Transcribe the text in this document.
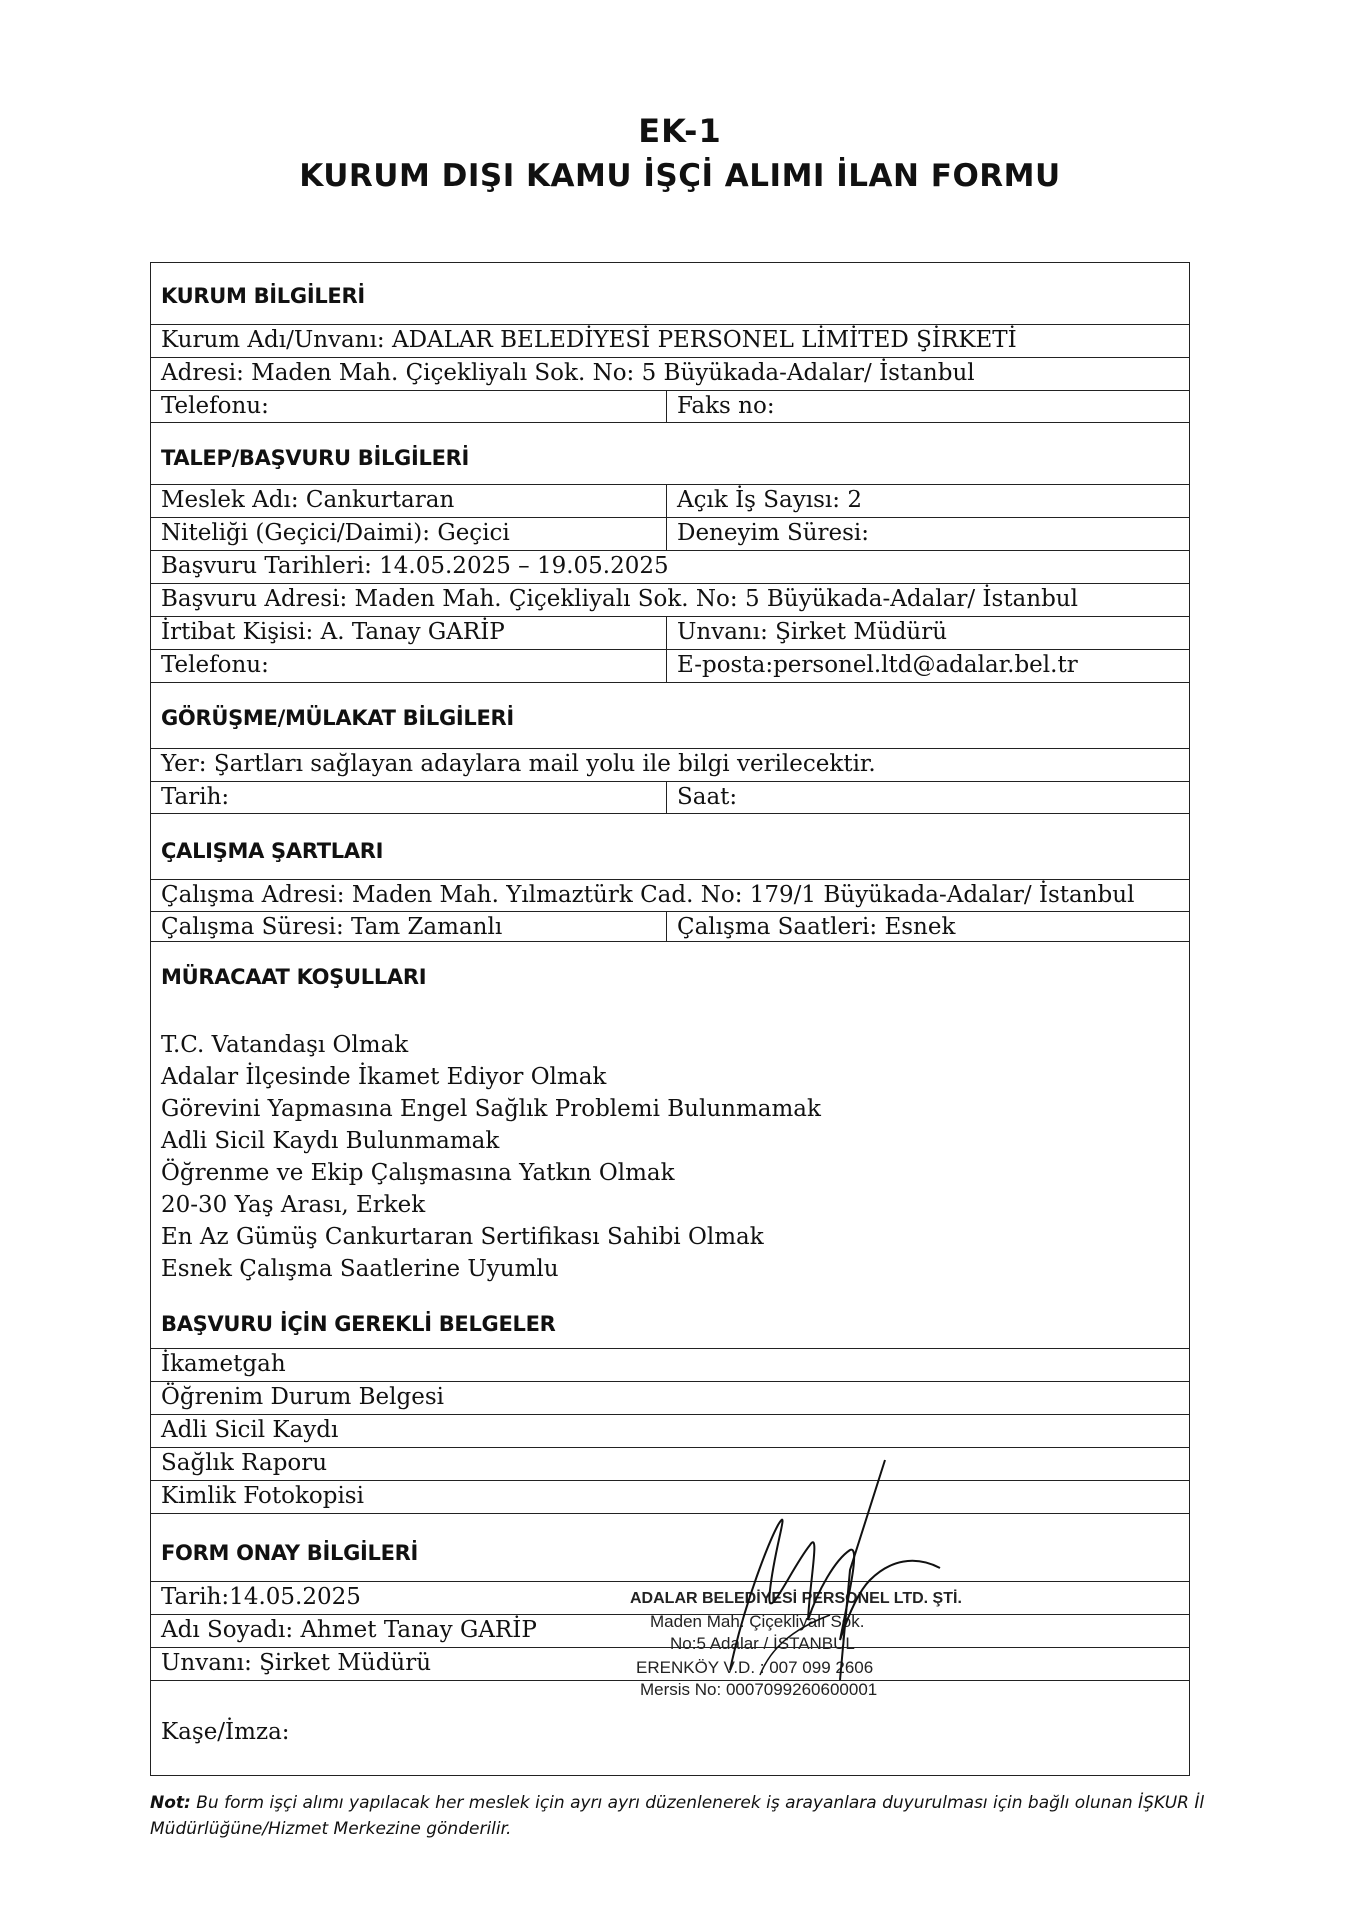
EK-1
KURUM DIŞI KAMU İŞÇİ ALIMI İLAN FORMU
KURUM BİLGİLERİ
Kurum Adı/Unvanı: ADALAR BELEDİYESİ PERSONEL LİMİTED ŞİRKETİ
Adresi: Maden Mah. Çiçekliyalı Sok. No: 5 Büyükada-Adalar/ İstanbul
Telefonu:	Faks no:
TALEP/BAŞVURU BİLGİLERİ
Meslek Adı: Cankurtaran	Açık İş Sayısı: 2
Niteliği (Geçici/Daimi): Geçici	Deneyim Süresi:
Başvuru Tarihleri: 14.05.2025 – 19.05.2025
Başvuru Adresi: Maden Mah. Çiçekliyalı Sok. No: 5 Büyükada-Adalar/ İstanbul
İrtibat Kişisi: A. Tanay GARİP	Unvanı: Şirket Müdürü
Telefonu:	E-posta:personel.ltd@adalar.bel.tr
GÖRÜŞME/MÜLAKAT BİLGİLERİ
Yer: Şartları sağlayan adaylara mail yolu ile bilgi verilecektir.
Tarih:	Saat:
ÇALIŞMA ŞARTLARI
Çalışma Adresi: Maden Mah. Yılmaztürk Cad. No: 179/1 Büyükada-Adalar/ İstanbul
Çalışma Süresi: Tam Zamanlı	Çalışma Saatleri: Esnek
MÜRACAAT KOŞULLARI
T.C. Vatandaşı Olmak
Adalar İlçesinde İkamet Ediyor Olmak
Görevini Yapmasına Engel Sağlık Problemi Bulunmamak
Adli Sicil Kaydı Bulunmamak
Öğrenme ve Ekip Çalışmasına Yatkın Olmak
20-30 Yaş Arası, Erkek
En Az Gümüş Cankurtaran Sertifikası Sahibi Olmak
Esnek Çalışma Saatlerine Uyumlu
BAŞVURU İÇİN GEREKLİ BELGELER
İkametgah
Öğrenim Durum Belgesi
Adli Sicil Kaydı
Sağlık Raporu
Kimlik Fotokopisi
FORM ONAY BİLGİLERİ
Tarih:14.05.2025
Adı Soyadı: Ahmet Tanay GARİP
Unvanı: Şirket Müdürü
Kaşe/İmza:
ADALAR BELEDİYESİ PERSONEL LTD. ŞTİ.
Maden Mah. Çiçekliyalı Sok.
No:5 Adalar / İSTANBUL
ERENKÖY V.D. : 007 099 2606
Mersis No: 0007099260600001
Not: Bu form işçi alımı yapılacak her meslek için ayrı ayrı düzenlenerek iş arayanlara duyurulması için bağlı olunan İŞKUR İl Müdürlüğüne/Hizmet Merkezine gönderilir.
